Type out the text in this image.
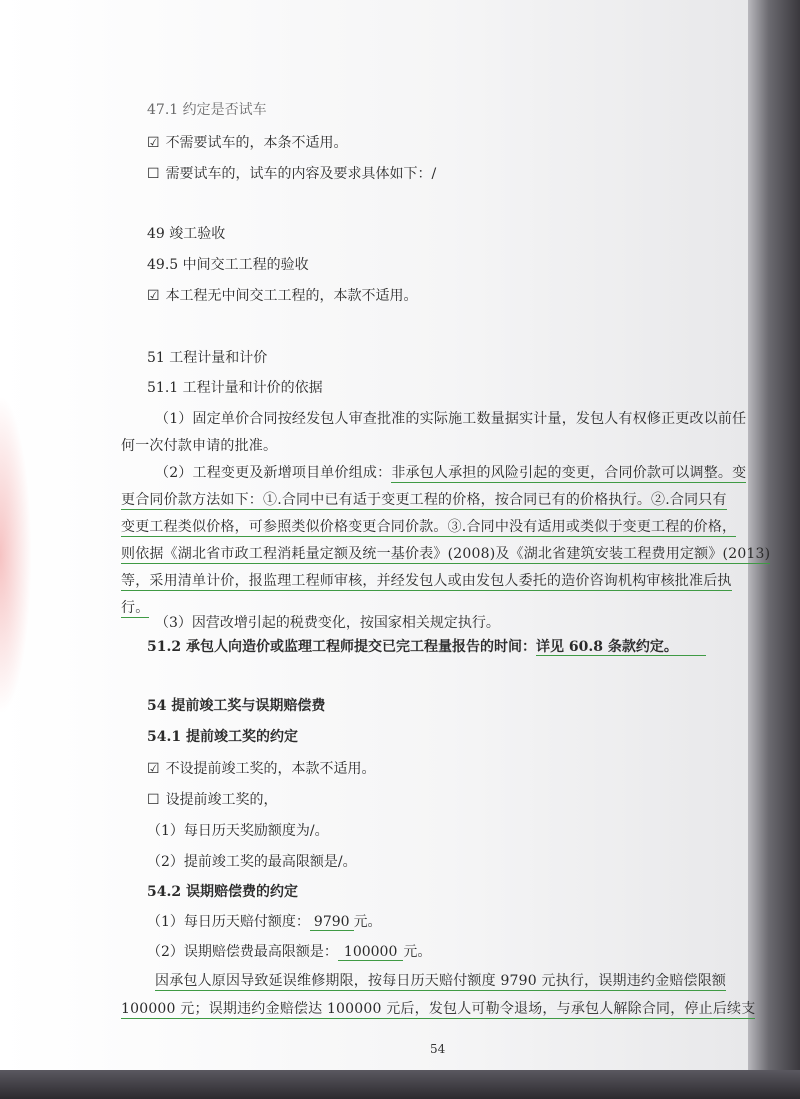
47.1 约定是否试车
☑ 不需要试车的，本条不适用。
☐ 需要试车的，试车的内容及要求具体如下：/
49 竣工验收
49.5 中间交工工程的验收
☑ 本工程无中间交工工程的，本款不适用。
51 工程计量和计价
51.1 工程计量和计价的依据
（1）固定单价合同按经发包人审查批准的实际施工数量据实计量，发包人有权修正更改以前任
何一次付款申请的批准。
（2）工程变更及新增项目单价组成：非承包人承担的风险引起的变更，合同价款可以调整。变
更合同价款方法如下：①.合同中已有适于变更工程的价格，按合同已有的价格执行。②.合同只有
变更工程类似价格，可参照类似价格变更合同价款。③.合同中没有适用或类似于变更工程的价格，
则依据《湖北省市政工程消耗量定额及统一基价表》(2008)及《湖北省建筑安装工程费用定额》(2013)
等，采用清单计价，报监理工程师审核，并经发包人或由发包人委托的造价咨询机构审核批准后执
行。
（3）因营改增引起的税费变化，按国家相关规定执行。
51.2 承包人向造价或监理工程师提交已完工程量报告的时间：详见 60.8 条款约定。
54 提前竣工奖与误期赔偿费
54.1 提前竣工奖的约定
☑ 不设提前竣工奖的，本款不适用。
☐ 设提前竣工奖的，
（1）每日历天奖励额度为/。
（2）提前竣工奖的最高限额是/。
54.2 误期赔偿费的约定
（1）每日历天赔付额度： 9790 元。
（2）误期赔偿费最高限额是： 100000 元。
因承包人原因导致延误维修期限，按每日历天赔付额度 9790 元执行，误期违约金赔偿限额
100000 元；误期违约金赔偿达 100000 元后，发包人可勒令退场，与承包人解除合同，停止后续支
54
